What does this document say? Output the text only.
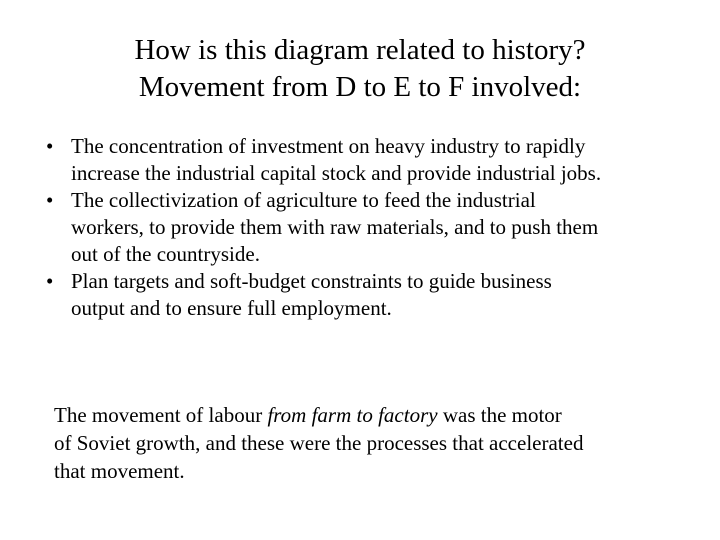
How is this diagram related to history?
Movement from D to E to F involved:
• The concentration of investment on heavy industry to rapidly
increase the industrial capital stock and provide industrial jobs.
• The collectivization of agriculture to feed the industrial
workers, to provide them with raw materials, and to push them
out of the countryside.
• Plan targets and soft-budget constraints to guide business
output and to ensure full employment.
The movement of labour from farm to factory was the motor
of Soviet growth, and these were the processes that accelerated
that movement.
